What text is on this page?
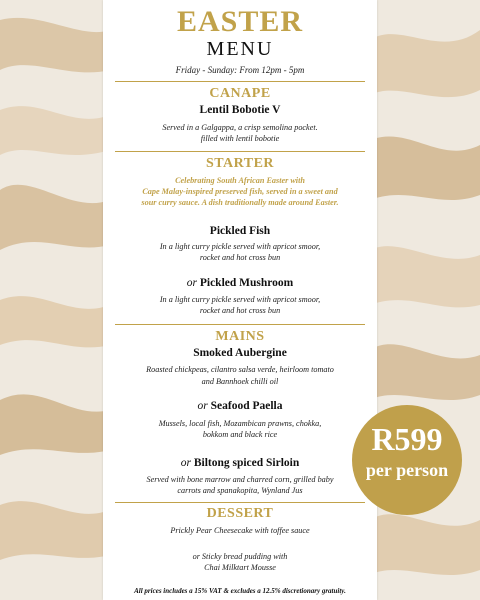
EASTER
MENU
Friday - Sunday: From 12pm - 5pm
CANAPE
Lentil Bobotie V
Served in a Galgappa, a crisp semolina pocket.
filled with lentil bobotie
STARTER
Celebrating South African Easter with
Cape Malay-inspired preserved fish, served in a sweet and
sour curry sauce. A dish traditionally made around Easter.
Pickled Fish
In a light curry pickle served with apricot smoor,
rocket and hot cross bun
or Pickled Mushroom
In a light curry pickle served with apricot smoor,
rocket and hot cross bun
MAINS
Smoked Aubergine
Roasted chickpeas, cilantro salsa verde, heirloom tomato
and Bannhoek chilli oil
or Seafood Paella
Mussels, local fish, Mozambican prawns, chokka,
bokkom and black rice
or Biltong spiced Sirloin
Served with bone marrow and charred corn, grilled baby
carrots and spanakopita, Wynland Jus
DESSERT
Prickly Pear Cheesecake with toffee sauce
or Sticky bread pudding with
Chai Milktart Mousse
All prices includes a 15% VAT & excludes a 12.5% discretionary gratuity.
R599
per person
